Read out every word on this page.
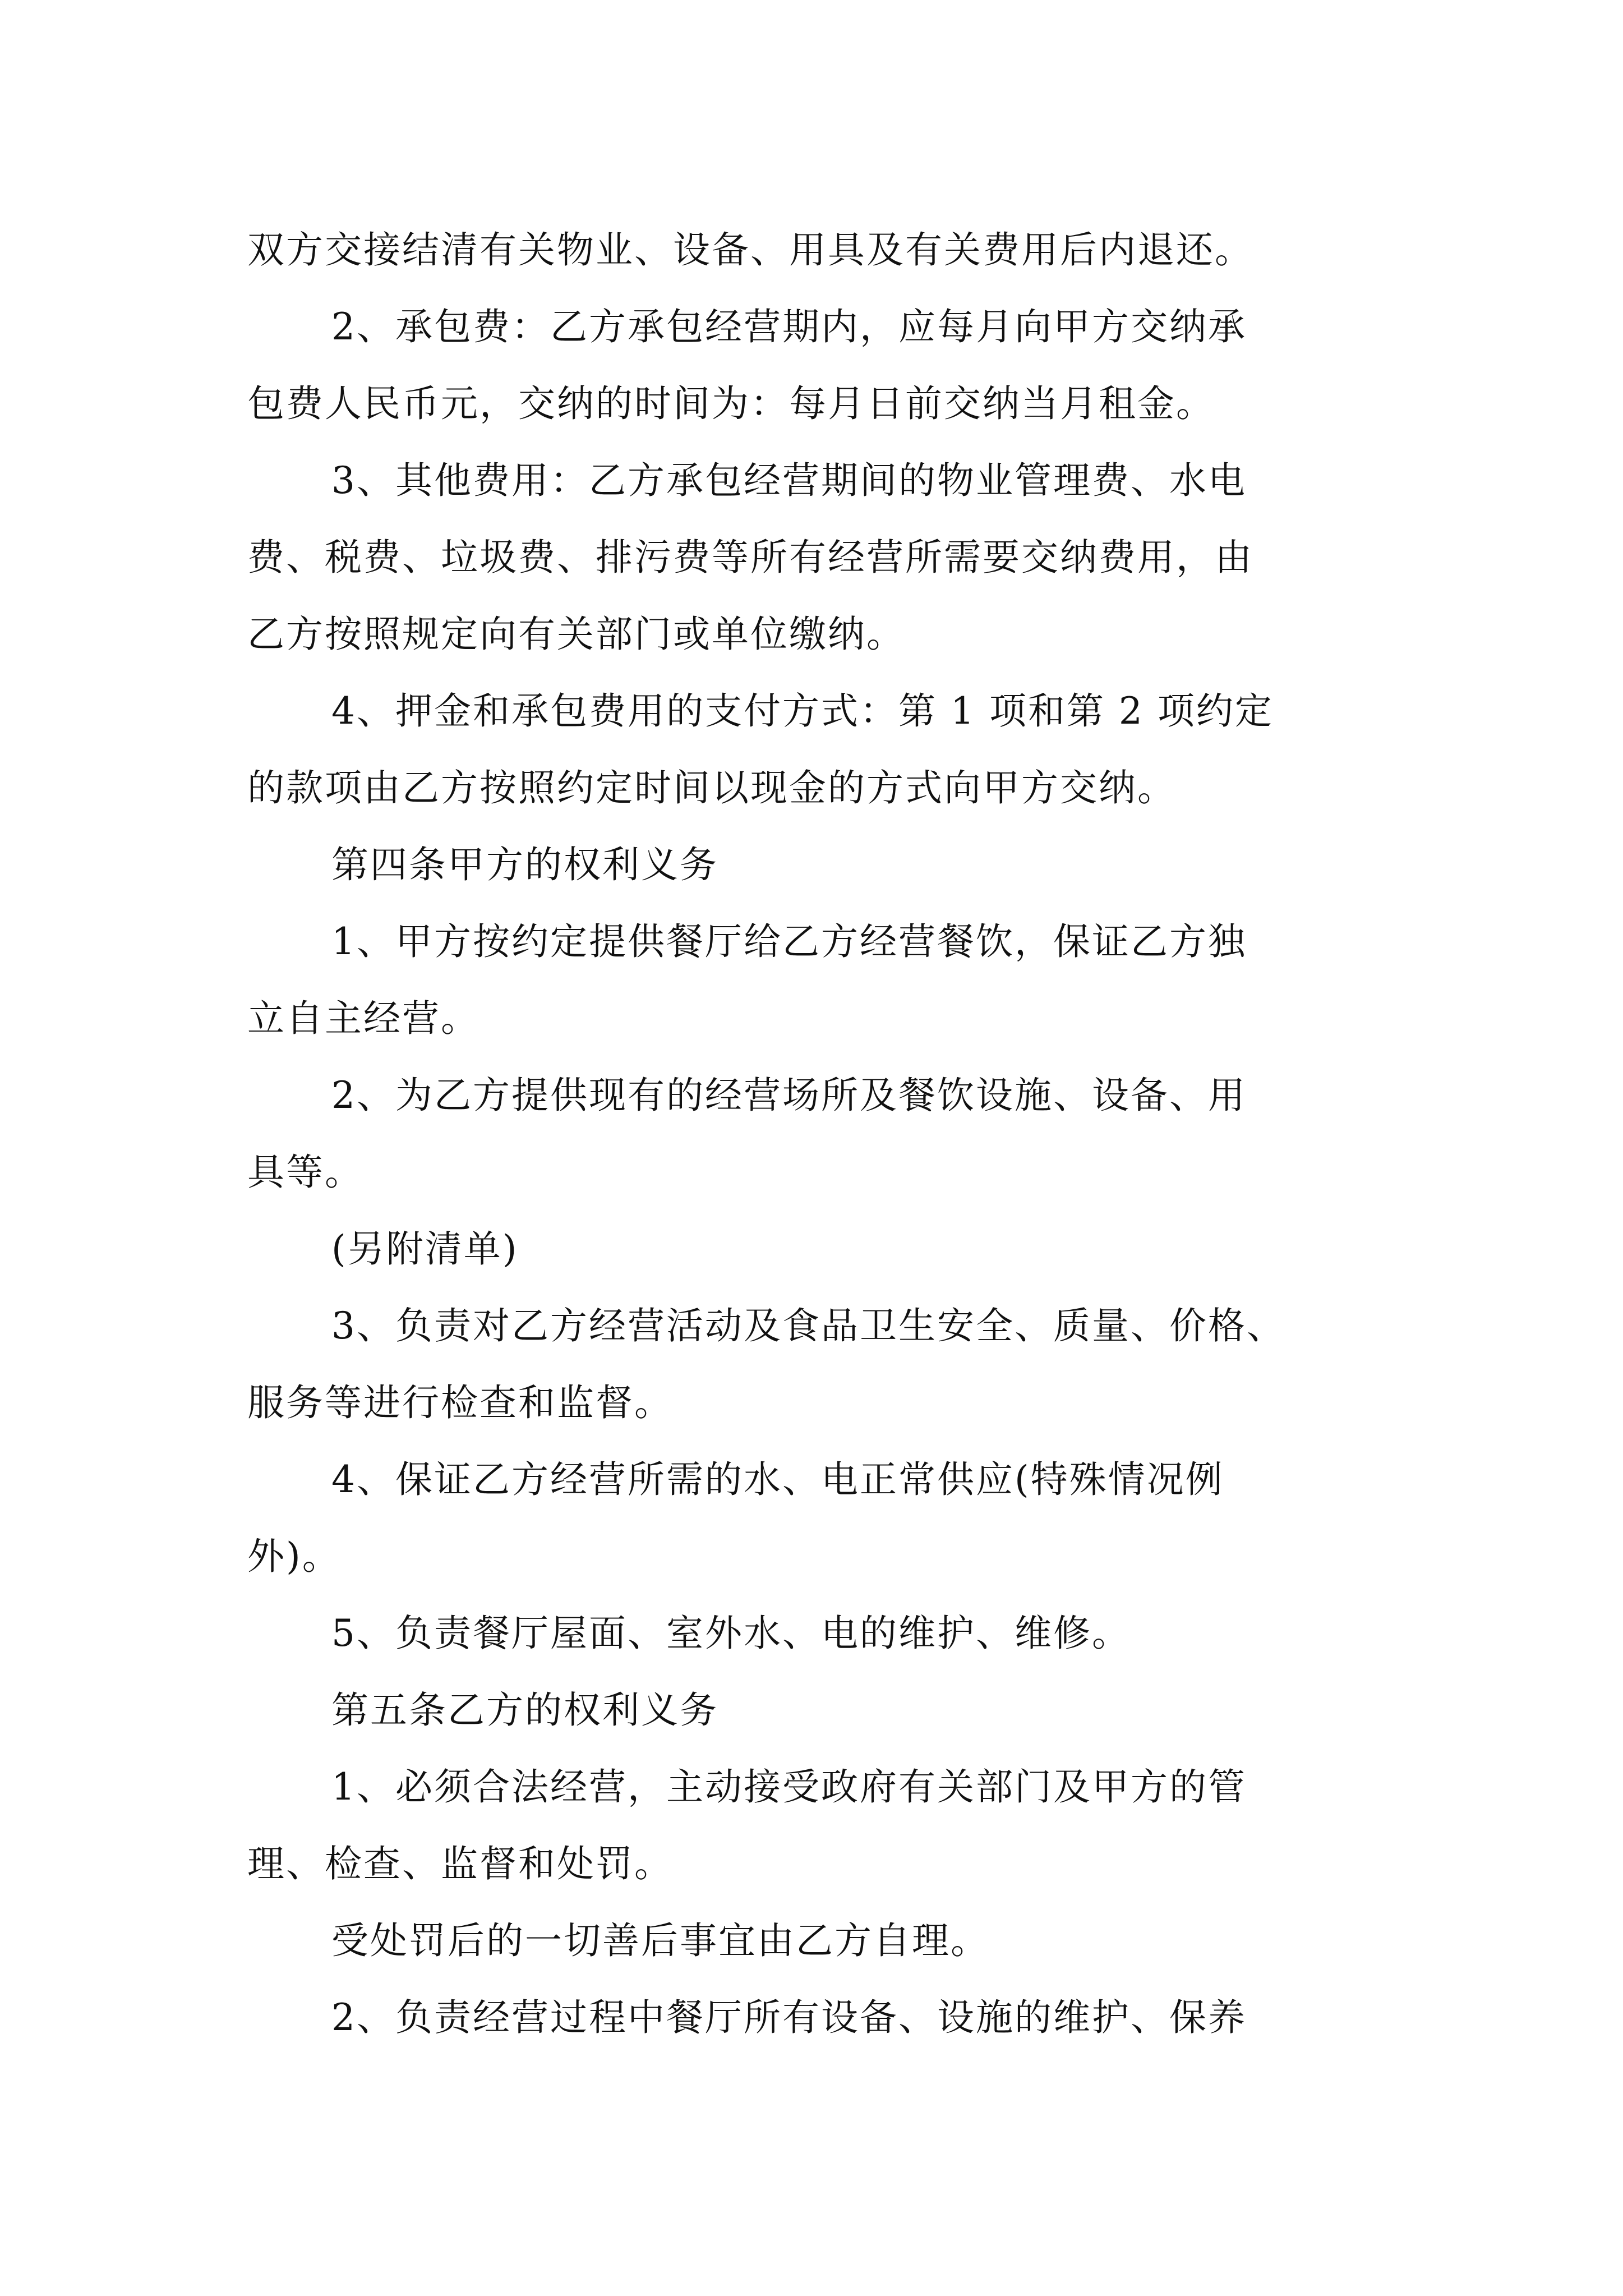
双方交接结清有关物业、设备、用具及有关费用后内退还。
2、承包费：乙方承包经营期内，应每月向甲方交纳承
包费人民币元，交纳的时间为：每月日前交纳当月租金。
3、其他费用：乙方承包经营期间的物业管理费、水电
费、税费、垃圾费、排污费等所有经营所需要交纳费用，由
乙方按照规定向有关部门或单位缴纳。
4、押金和承包费用的支付方式：第 1 项和第 2 项约定
的款项由乙方按照约定时间以现金的方式向甲方交纳。
第四条甲方的权利义务
1、甲方按约定提供餐厅给乙方经营餐饮，保证乙方独
立自主经营。
2、为乙方提供现有的经营场所及餐饮设施、设备、用
具等。
(另附清单)
3、负责对乙方经营活动及食品卫生安全、质量、价格、
服务等进行检查和监督。
4、保证乙方经营所需的水、电正常供应(特殊情况例
外)。
5、负责餐厅屋面、室外水、电的维护、维修。
第五条乙方的权利义务
1、必须合法经营，主动接受政府有关部门及甲方的管
理、检查、监督和处罚。
受处罚后的一切善后事宜由乙方自理。
2、负责经营过程中餐厅所有设备、设施的维护、保养
